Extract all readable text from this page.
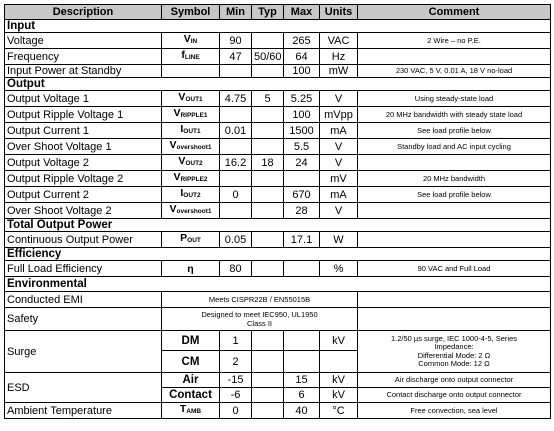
Description	Symbol	Min	Typ	Max	Units	Comment
Input						
Voltage	$V_{IN}$	90		265	VAC	2 Wire – no P.E.
Frequency	$f_{LINE}$	47	50/60	64	Hz	
Input Power at Standby				100	mW	230 VAC, 5 V, 0.01 A, 18 V no-load
Output						
Output Voltage 1	$V_{OUT1}$	4.75	5	5.25	V	Using steady-state load
Output Ripple Voltage 1	$V_{RIPPLE1}$			100	mVpp	20 MHz bandwidth with steady state load
Output Current 1	$I_{OUT1}$	0.01		1500	mA	See load profile below
Over Shoot Voltage 1	$V_{overshoot1}$			5.5	V	Standby load and AC input cycling
Output Voltage 2	$V_{OUT2}$	16.2	18	24	V	
Output Ripple Voltage 2	$V_{RIPPLE2}$				mV	20 MHz bandwidth
Output Current 2	$I_{OUT2}$	0		670	mA	See load profile below
Over Shoot Voltage 2	$V_{overshoot1}$			28	V	
Total Output Power						
Continuous Output Power	$P_{OUT}$	0.05		17.1	W	
Efficiency						
Full Load Efficiency	η	80			%	90 VAC and Full Load
Environmental						
Conducted EMI	Meets CISPR22B / EN55015B					
Safety	Designed to meet IEC950, UL1950
Class II					

Surge	DM	1			kV	1.2/50 µs surge, IEC 1000-4-5, Series
Impedance:
Differential Mode: 2 Ω
Common Mode: 12 Ω

	CM	2				
ESD	Air	-15		15	kV	Air discharge onto output connector
	Contact	-6		6	kV	Contact discharge onto output connector
Ambient Temperature	$T_{AMB}$	0		40	°C	Free convection, sea level
